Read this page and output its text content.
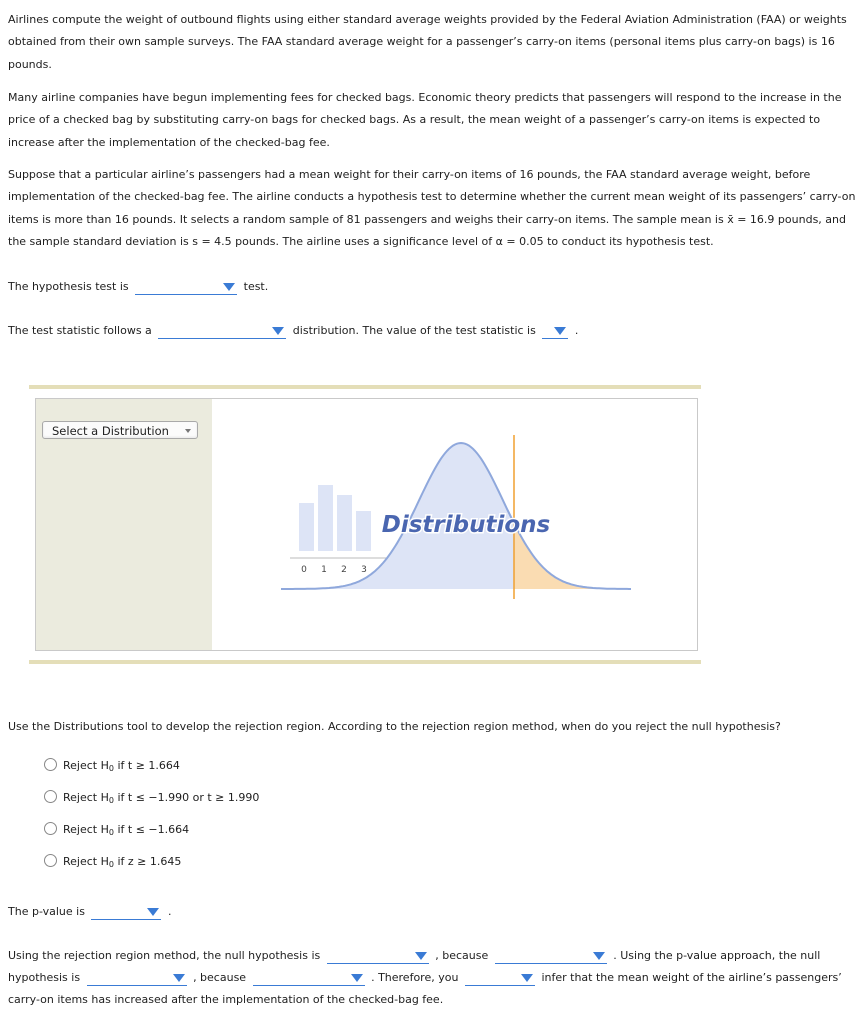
Airlines compute the weight of outbound flights using either standard average weights provided by the Federal Aviation Administration (FAA) or weights obtained from their own sample surveys. The FAA standard average weight for a passenger’s carry-on items (personal items plus carry-on bags) is 16 pounds.

Many airline companies have begun implementing fees for checked bags. Economic theory predicts that passengers will respond to the increase in the price of a checked bag by substituting carry-on bags for checked bags. As a result, the mean weight of a passenger’s carry-on items is expected to increase after the implementation of the checked-bag fee.

Suppose that a particular airline’s passengers had a mean weight for their carry-on items of 16 pounds, the FAA standard average weight, before implementation of the checked-bag fee. The airline conducts a hypothesis test to determine whether the current mean weight of its passengers’ carry-on items is more than 16 pounds. It selects a random sample of 81 passengers and weighs their carry-on items. The sample mean is x̄ = 16.9 pounds, and the sample standard deviation is s = 4.5 pounds. The airline uses a significance level of α = 0.05 to conduct its hypothesis test.

The hypothesis test is	test.
The test statistic follows a	distribution. The value of the test statistic is	.
Select a Distribution
0 1 2 3
Distributions
Use the Distributions tool to develop the rejection region. According to the rejection region method, when do you reject the null hypothesis?
Reject $H_0$ if t ≥ 1.664
Reject $H_0$ if t ≤ −1.990 or t ≥ 1.990
Reject $H_0$ if t ≤ −1.664
Reject $H_0$ if z ≥ 1.645
The p-value is	.
Using the rejection region method, the null hypothesis is	, because	. Using the p-value approach, the null
hypothesis is	, because	. Therefore, you	infer that the mean weight of the airline’s passengers’
carry-on items has increased after the implementation of the checked-bag fee.
